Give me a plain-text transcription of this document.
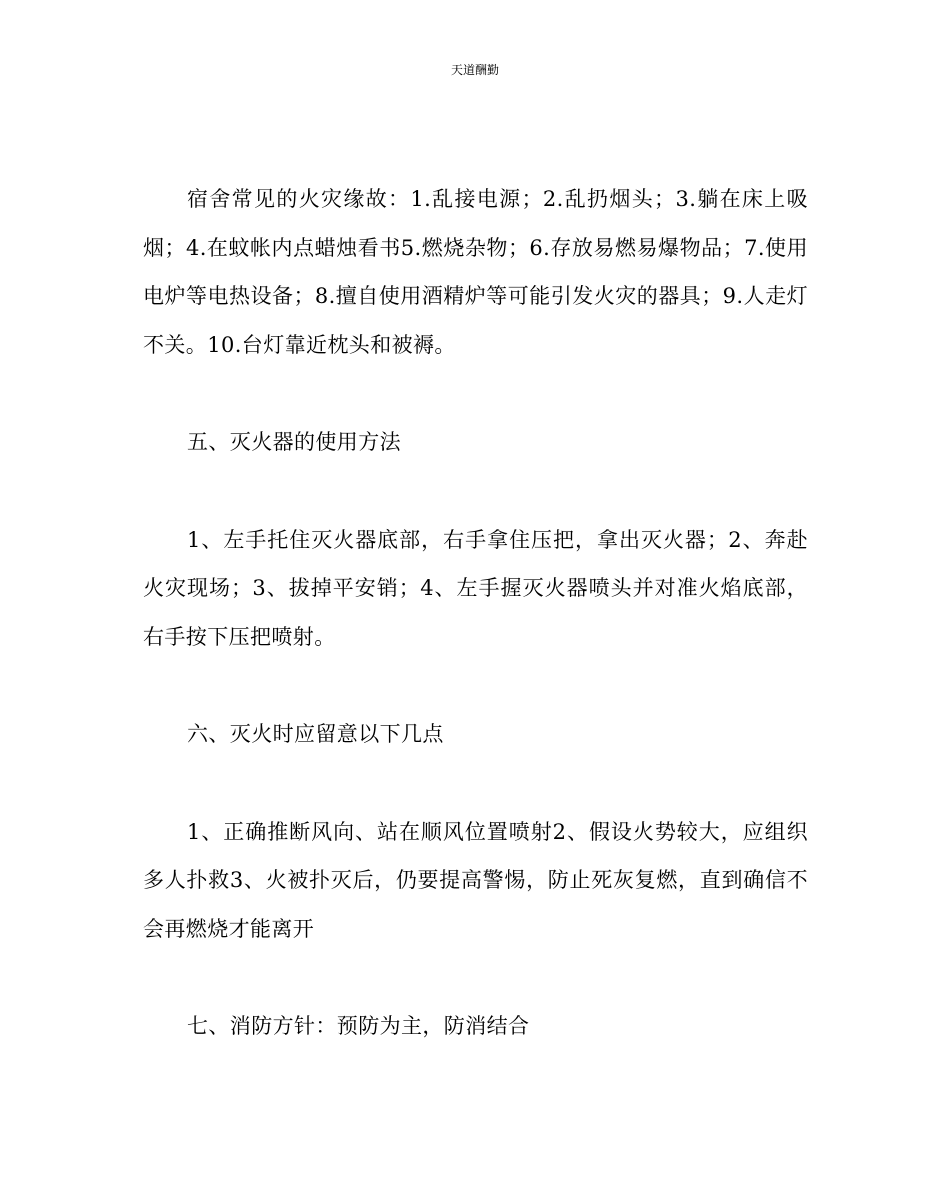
天道酬勤

宿舍常见的火灾缘故：1.乱接电源；2.乱扔烟头；3.躺在床上吸烟；4.在蚊帐内点蜡烛看书5.燃烧杂物；6.存放易燃易爆物品；7.使用电炉等电热设备；8.擅自使用酒精炉等可能引发火灾的器具；9.人走灯不关。10.台灯靠近枕头和被褥。

五、灭火器的使用方法

1、左手托住灭火器底部，右手拿住压把，拿出灭火器；2、奔赴火灾现场；3、拔掉平安销；4、左手握灭火器喷头并对准火焰底部，右手按下压把喷射。

六、灭火时应留意以下几点

1、正确推断风向、站在顺风位置喷射2、假设火势较大，应组织多人扑救3、火被扑灭后，仍要提高警惕，防止死灰复燃，直到确信不会再燃烧才能离开

七、消防方针：预防为主，防消结合
